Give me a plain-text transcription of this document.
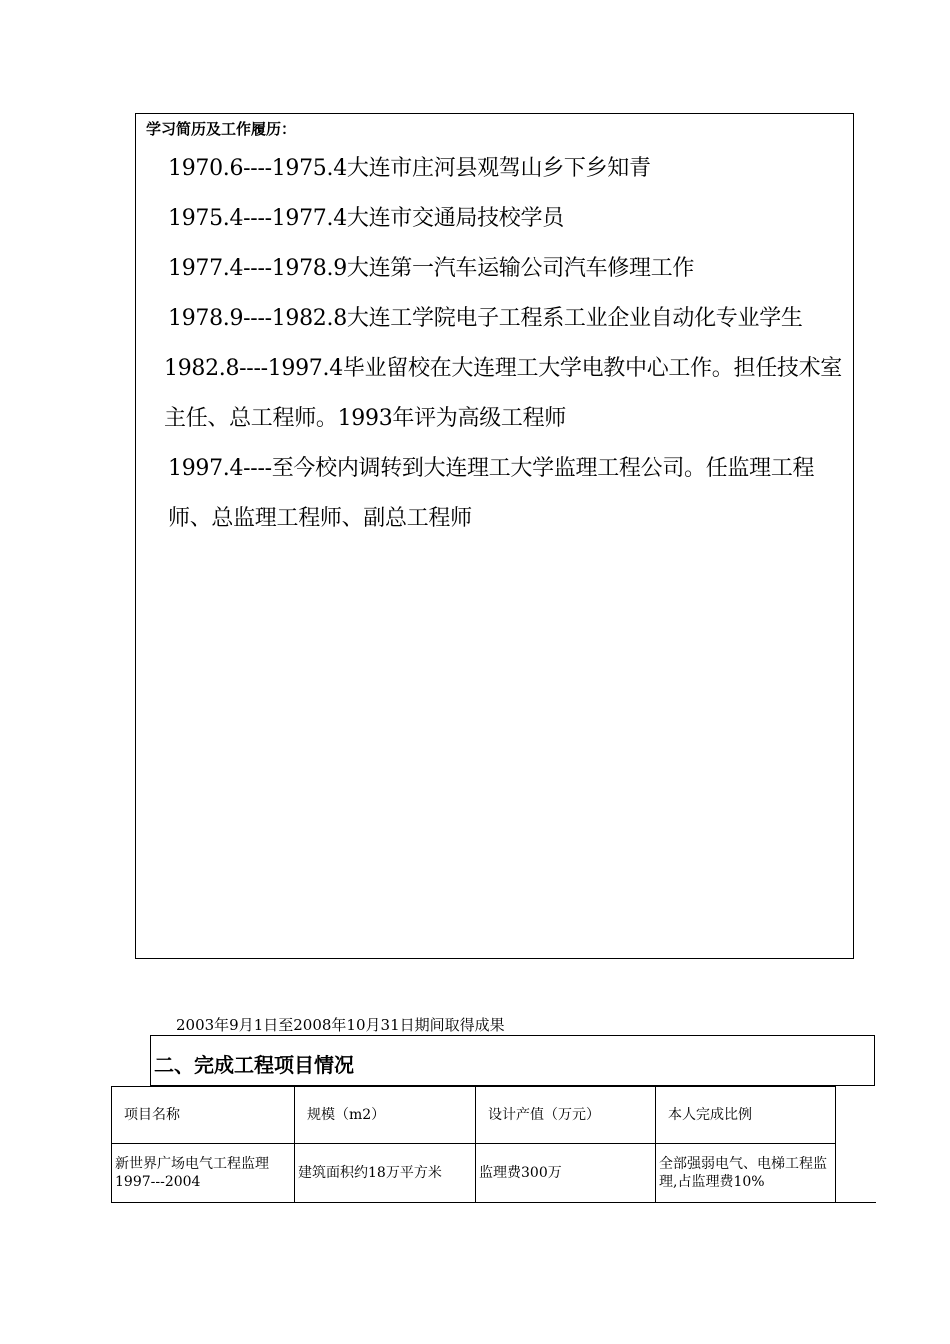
学习简历及工作履历：

1970.6----1975.4大连市庄河县观驾山乡下乡知青

1975.4----1977.4大连市交通局技校学员

1977.4----1978.9大连第一汽车运输公司汽车修理工作

1978.9----1982.8大连工学院电子工程系工业企业自动化专业学生

1982.8----1997.4毕业留校在大连理工大学电教中心工作。担任技术室主任、总工程师。1993年评为高级工程师

1997.4----至今校内调转到大连理工大学监理工程公司。任监理工程师、总监理工程师、副总工程师

2003年9月1日至2008年10月31日期间取得成果
二、完成工程项目情况
项目名称	规模（m2）	设计产值（万元）	本人完成比例	
新世界广场电气工程监理1997---2004	建筑面积约18万平方米	监理费300万	全部强弱电气、电梯工程监理,占监理费10%	
